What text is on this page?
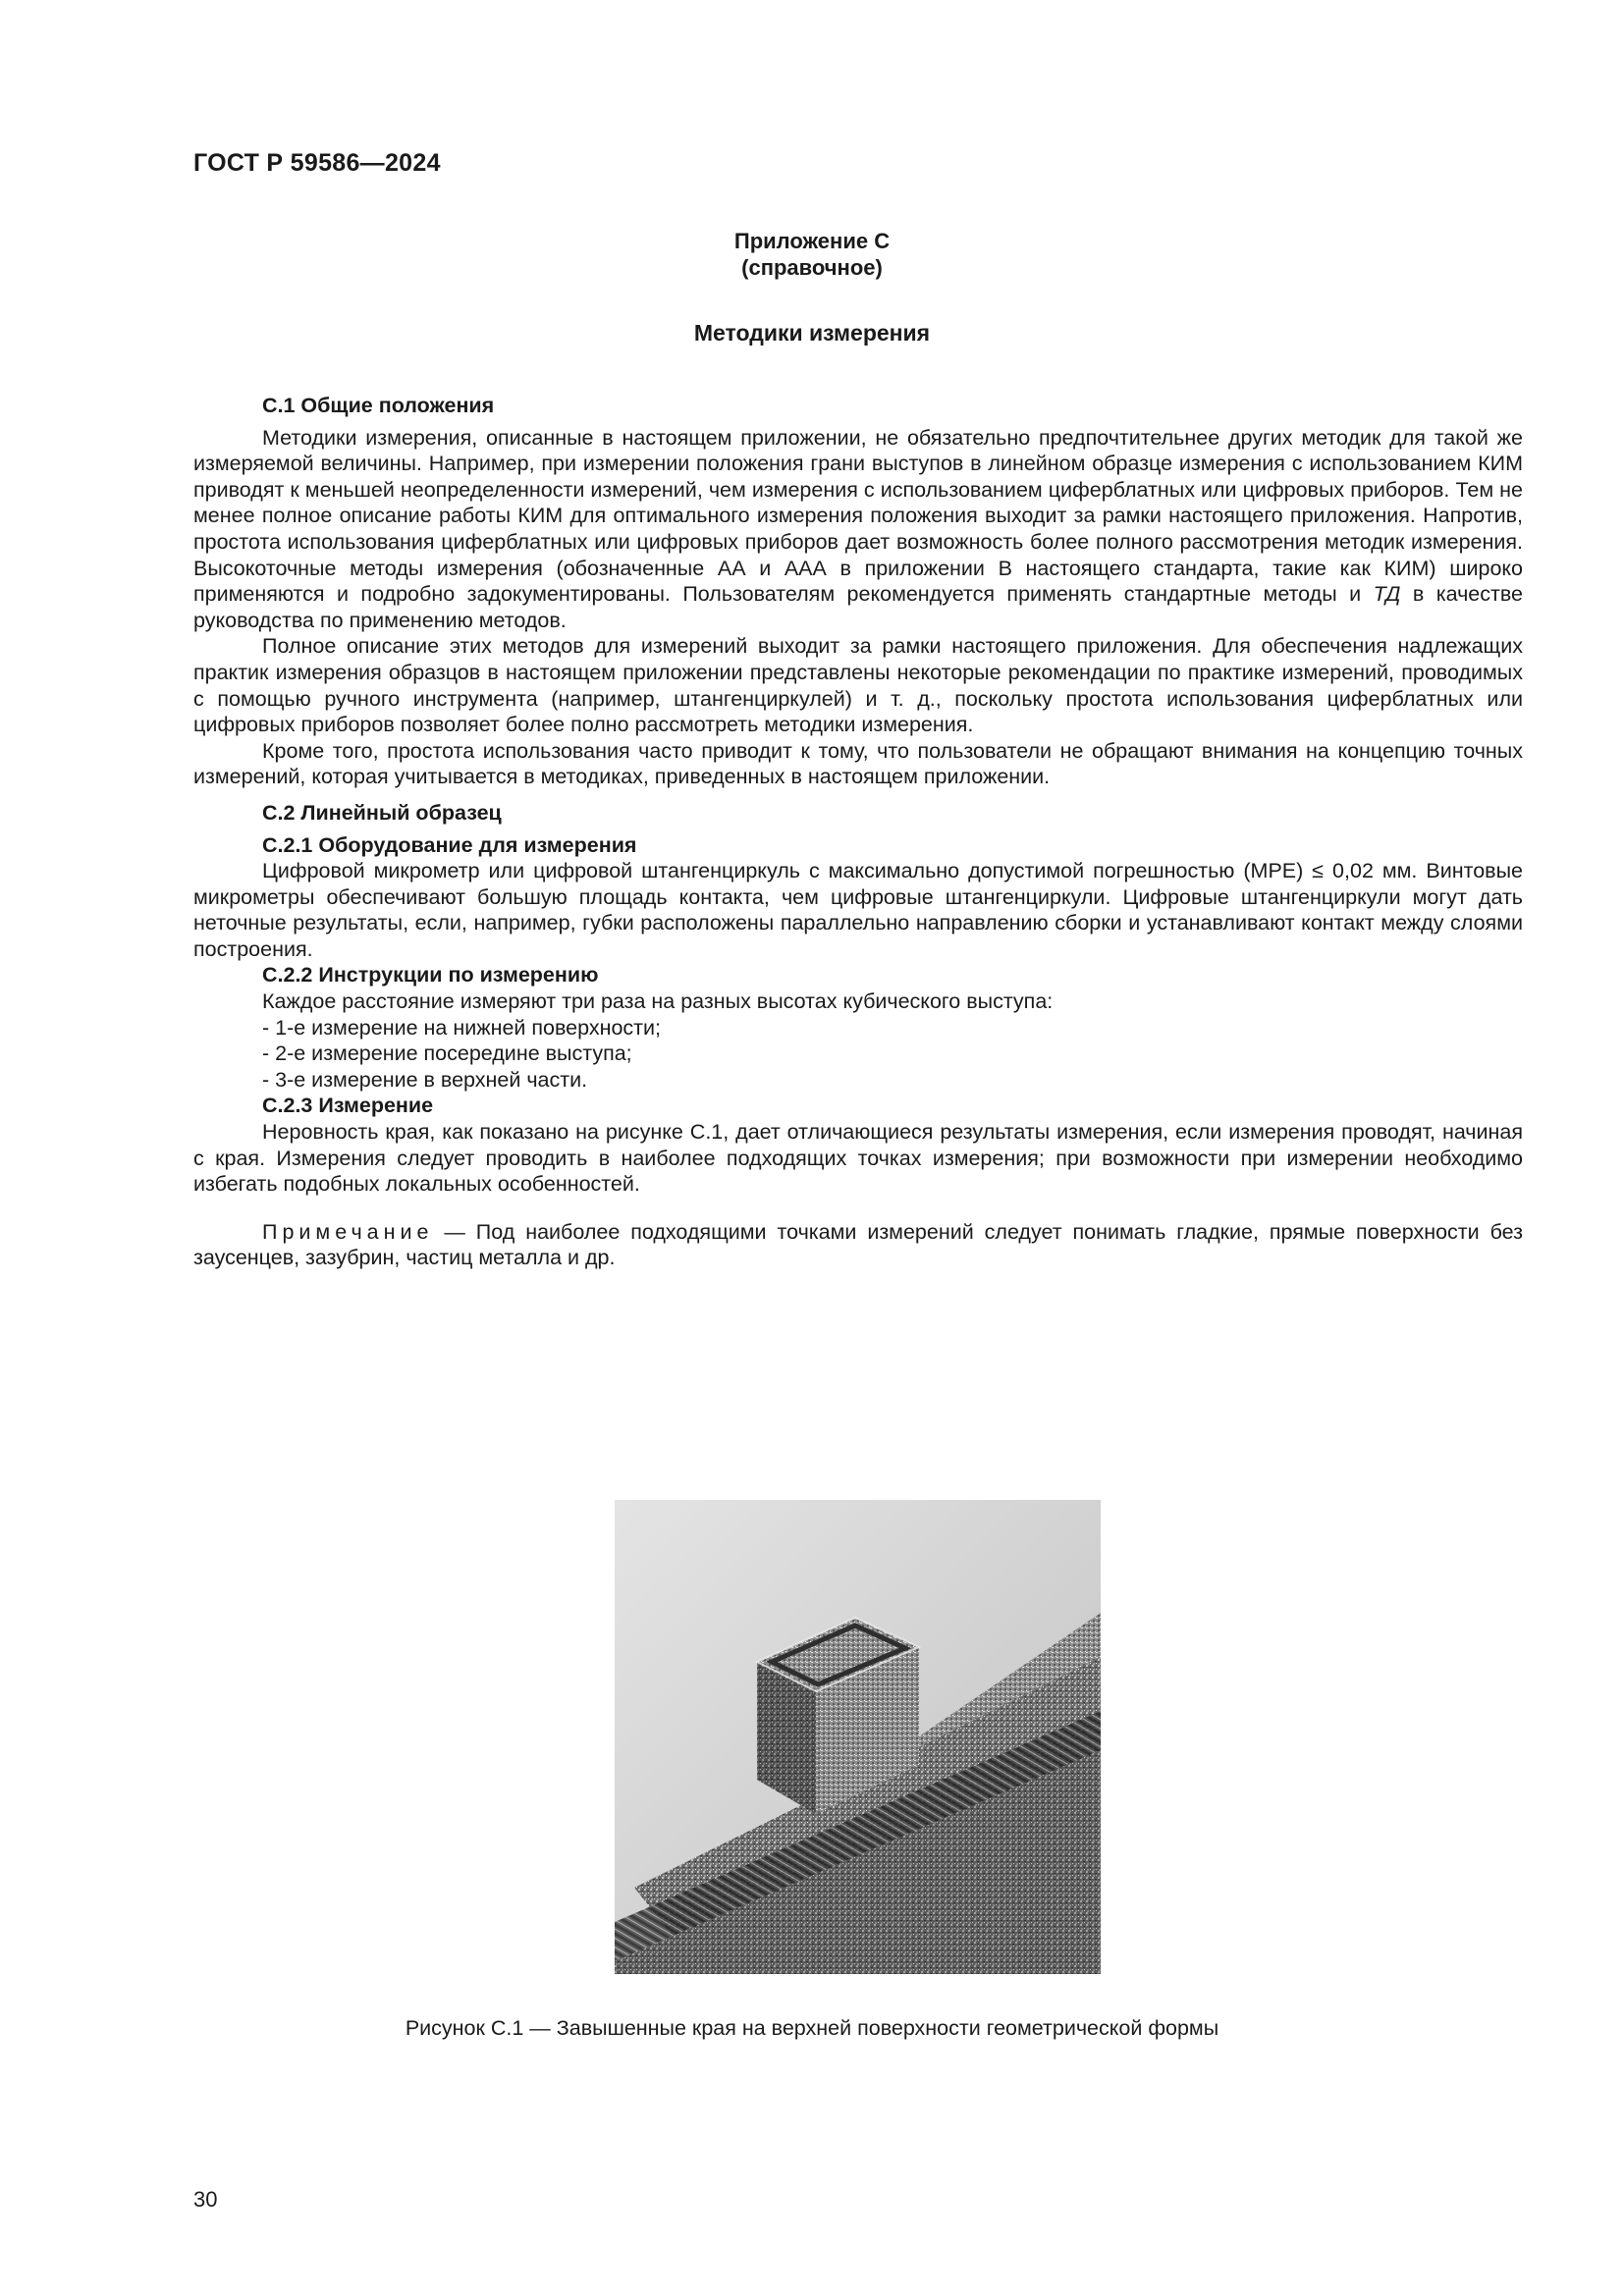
ГОСТ Р 59586—2024
Приложение С
(справочное)
Методики измерения
С.1 Общие положения

Методики измерения, описанные в настоящем приложении, не обязательно предпочтительнее других методик для такой же измеряемой величины. Например, при измерении положения грани выступов в линейном образце измерения с использованием КИМ приводят к меньшей неопределенности измерений, чем измерения с использованием циферблатных или цифровых приборов. Тем не менее полное описание работы КИМ для оптимального измерения положения выходит за рамки настоящего приложения. Напротив, простота использования циферблатных или цифровых приборов дает возможность более полного рассмотрения методик измерения. Высокоточные методы измерения (обозначенные АА и ААА в приложении В настоящего стандарта, такие как КИМ) широко применяются и подробно задокументированы. Пользователям рекомендуется применять стандартные методы и ТД в качестве руководства по применению методов.

Полное описание этих методов для измерений выходит за рамки настоящего приложения. Для обеспечения надлежащих практик измерения образцов в настоящем приложении представлены некоторые рекомендации по практике измерений, проводимых с помощью ручного инструмента (например, штангенциркулей) и т. д., поскольку простота использования циферблатных или цифровых приборов позволяет более полно рассмотреть методики измерения.

Кроме того, простота использования часто приводит к тому, что пользователи не обращают внимания на концепцию точных измерений, которая учитывается в методиках, приведенных в настоящем приложении.

С.2 Линейный образец
С.2.1 Оборудование для измерения

Цифровой микрометр или цифровой штангенциркуль с максимально допустимой погрешностью (MPE) ≤ 0,02 мм. Винтовые микрометры обеспечивают большую площадь контакта, чем цифровые штангенциркули. Цифровые штангенциркули могут дать неточные результаты, если, например, губки расположены параллельно направлению сборки и устанавливают контакт между слоями построения.

С.2.2 Инструкции по измерению

Каждое расстояние измеряют три раза на разных высотах кубического выступа:

- 1-е измерение на нижней поверхности;

- 2-е измерение посередине выступа;

- 3-е измерение в верхней части.

С.2.3 Измерение

Неровность края, как показано на рисунке С.1, дает отличающиеся результаты измерения, если измерения проводят, начиная с края. Измерения следует проводить в наиболее подходящих точках измерения; при возможности при измерении необходимо избегать подобных локальных особенностей.

Примечание — Под наиболее подходящими точками измерений следует понимать гладкие, прямые поверхности без заусенцев, зазубрин, частиц металла и др.

Рисунок С.1 — Завышенные края на верхней поверхности геометрической формы
30
